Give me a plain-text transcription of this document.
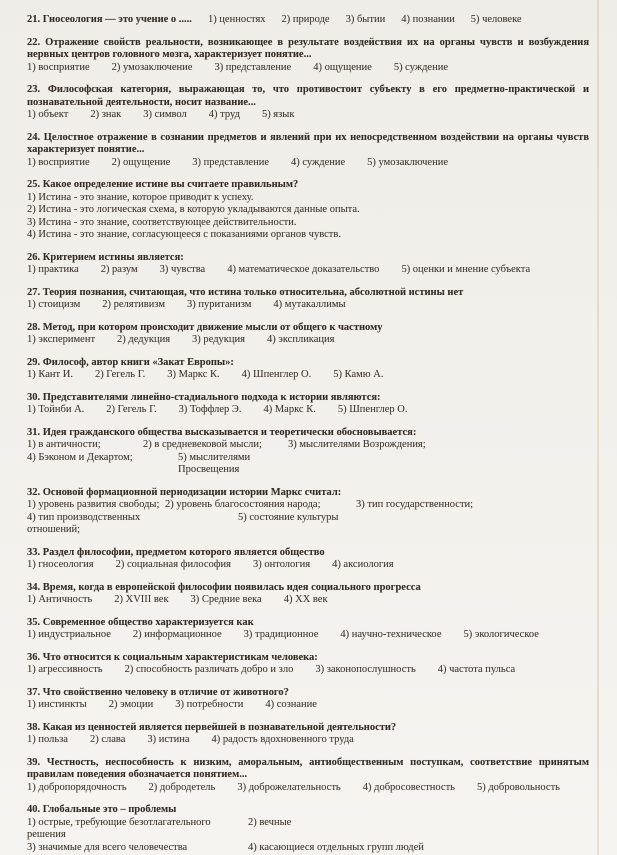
21. Гносеология — это учение о ..... 1) ценностях 2) природе 3) бытии 4) познании 5) человеке
22. Отражение свойств реальности, возникающее в результате воздействия их на органы чувств и возбуждения нервных центров головного мозга, характеризует понятие...
1) восприятие 2) умозаключение 3) представление 4) ощущение 5) суждение
23. Философская категория, выражающая то, что противостоит субъекту в его предметно-практической и познавательной деятельности, носит название...
1) объект 2) знак 3) символ 4) труд 5) язык
24. Целостное отражение в сознании предметов и явлений при их непосредственном воздействии на органы чувств характеризует понятие...
1) восприятие 2) ощущение 3) представление 4) суждение 5) умозаключение
25. Какое определение истине вы считаете правильным?
1) Истина - это знание, которое приводит к успеху.
2) Истина - это логическая схема, в которую укладываются данные опыта.
3) Истина - это знание, соответствующее действительности.
4) Истина - это знание, согласующееся с показаниями органов чувств.
26. Критерием истины является:
1) практика 2) разум 3) чувства 4) математическое доказательство 5) оценки и мнение субъекта
27. Теория познания, считающая, что истина только относительна, абсолютной истины нет
1) стоицизм 2) релятивизм 3) пуританизм 4) мутакаллимы
28. Метод, при котором происходит движение мысли от общего к частному
1) эксперимент 2) дедукция 3) редукция 4) экспликация
29. Философ, автор книги «Закат Европы»:
1) Кант И. 2) Гегель Г. 3) Маркс К. 4) Шпенглер О. 5) Камю А.
30. Представителями линейно-стадиального подхода к истории являются:
1) Тойнби А. 2) Гегель Г. 3) Тоффлер Э. 4) Маркс К. 5) Шпенглер О.
31. Идея гражданского общества высказывается и теоретически обосновывается:
1) в античности;	2) в средневековой мысли;	3) мыслителями Возрождения;
4) Бэконом и Декартом;	5) мыслителями Просвещения
32. Основой формационной периодизации истории Маркс считал:
1) уровень развития свободы; 2) уровень благосостояния народа;	3) тип государственности;
4) тип производственных отношений;
5) состояние культуры
33. Раздел философии, предметом которого является общество
1) гносеология 2) социальная философия 3) онтология 4) аксиология
34. Время, когда в европейской философии появилась идея социального прогресса
1) Античность 2) XVIII век 3) Средние века 4) XX век
35. Современное общество характеризуется как
1) индустриальное 2) информационное 3) традиционное 4) научно-техническое 5) экологическое
36. Что относится к социальным характеристикам человека:
1) агрессивность 2) способность различать добро и зло 3) законопослушность 4) частота пульса
37. Что свойственно человеку в отличие от животного?
1) инстинкты 2) эмоции 3) потребности 4) сознание
38. Какая из ценностей является первейшей в познавательной деятельности?
1) польза 2) слава 3) истина 4) радость вдохновенного труда
39. Честность, неспособность к низким, аморальным, антиобщественным поступкам, соответствие принятым правилам поведения обозначается понятием...
1) добропорядочность 2) добродетель 3) доброжелательность 4) добросовестность 5) добровольность
40. Глобальные это – проблемы
1) острые, требующие безотлагательного решения
2) вечные
3) значимые для всего человечества	4) касающиеся отдельных групп людей
